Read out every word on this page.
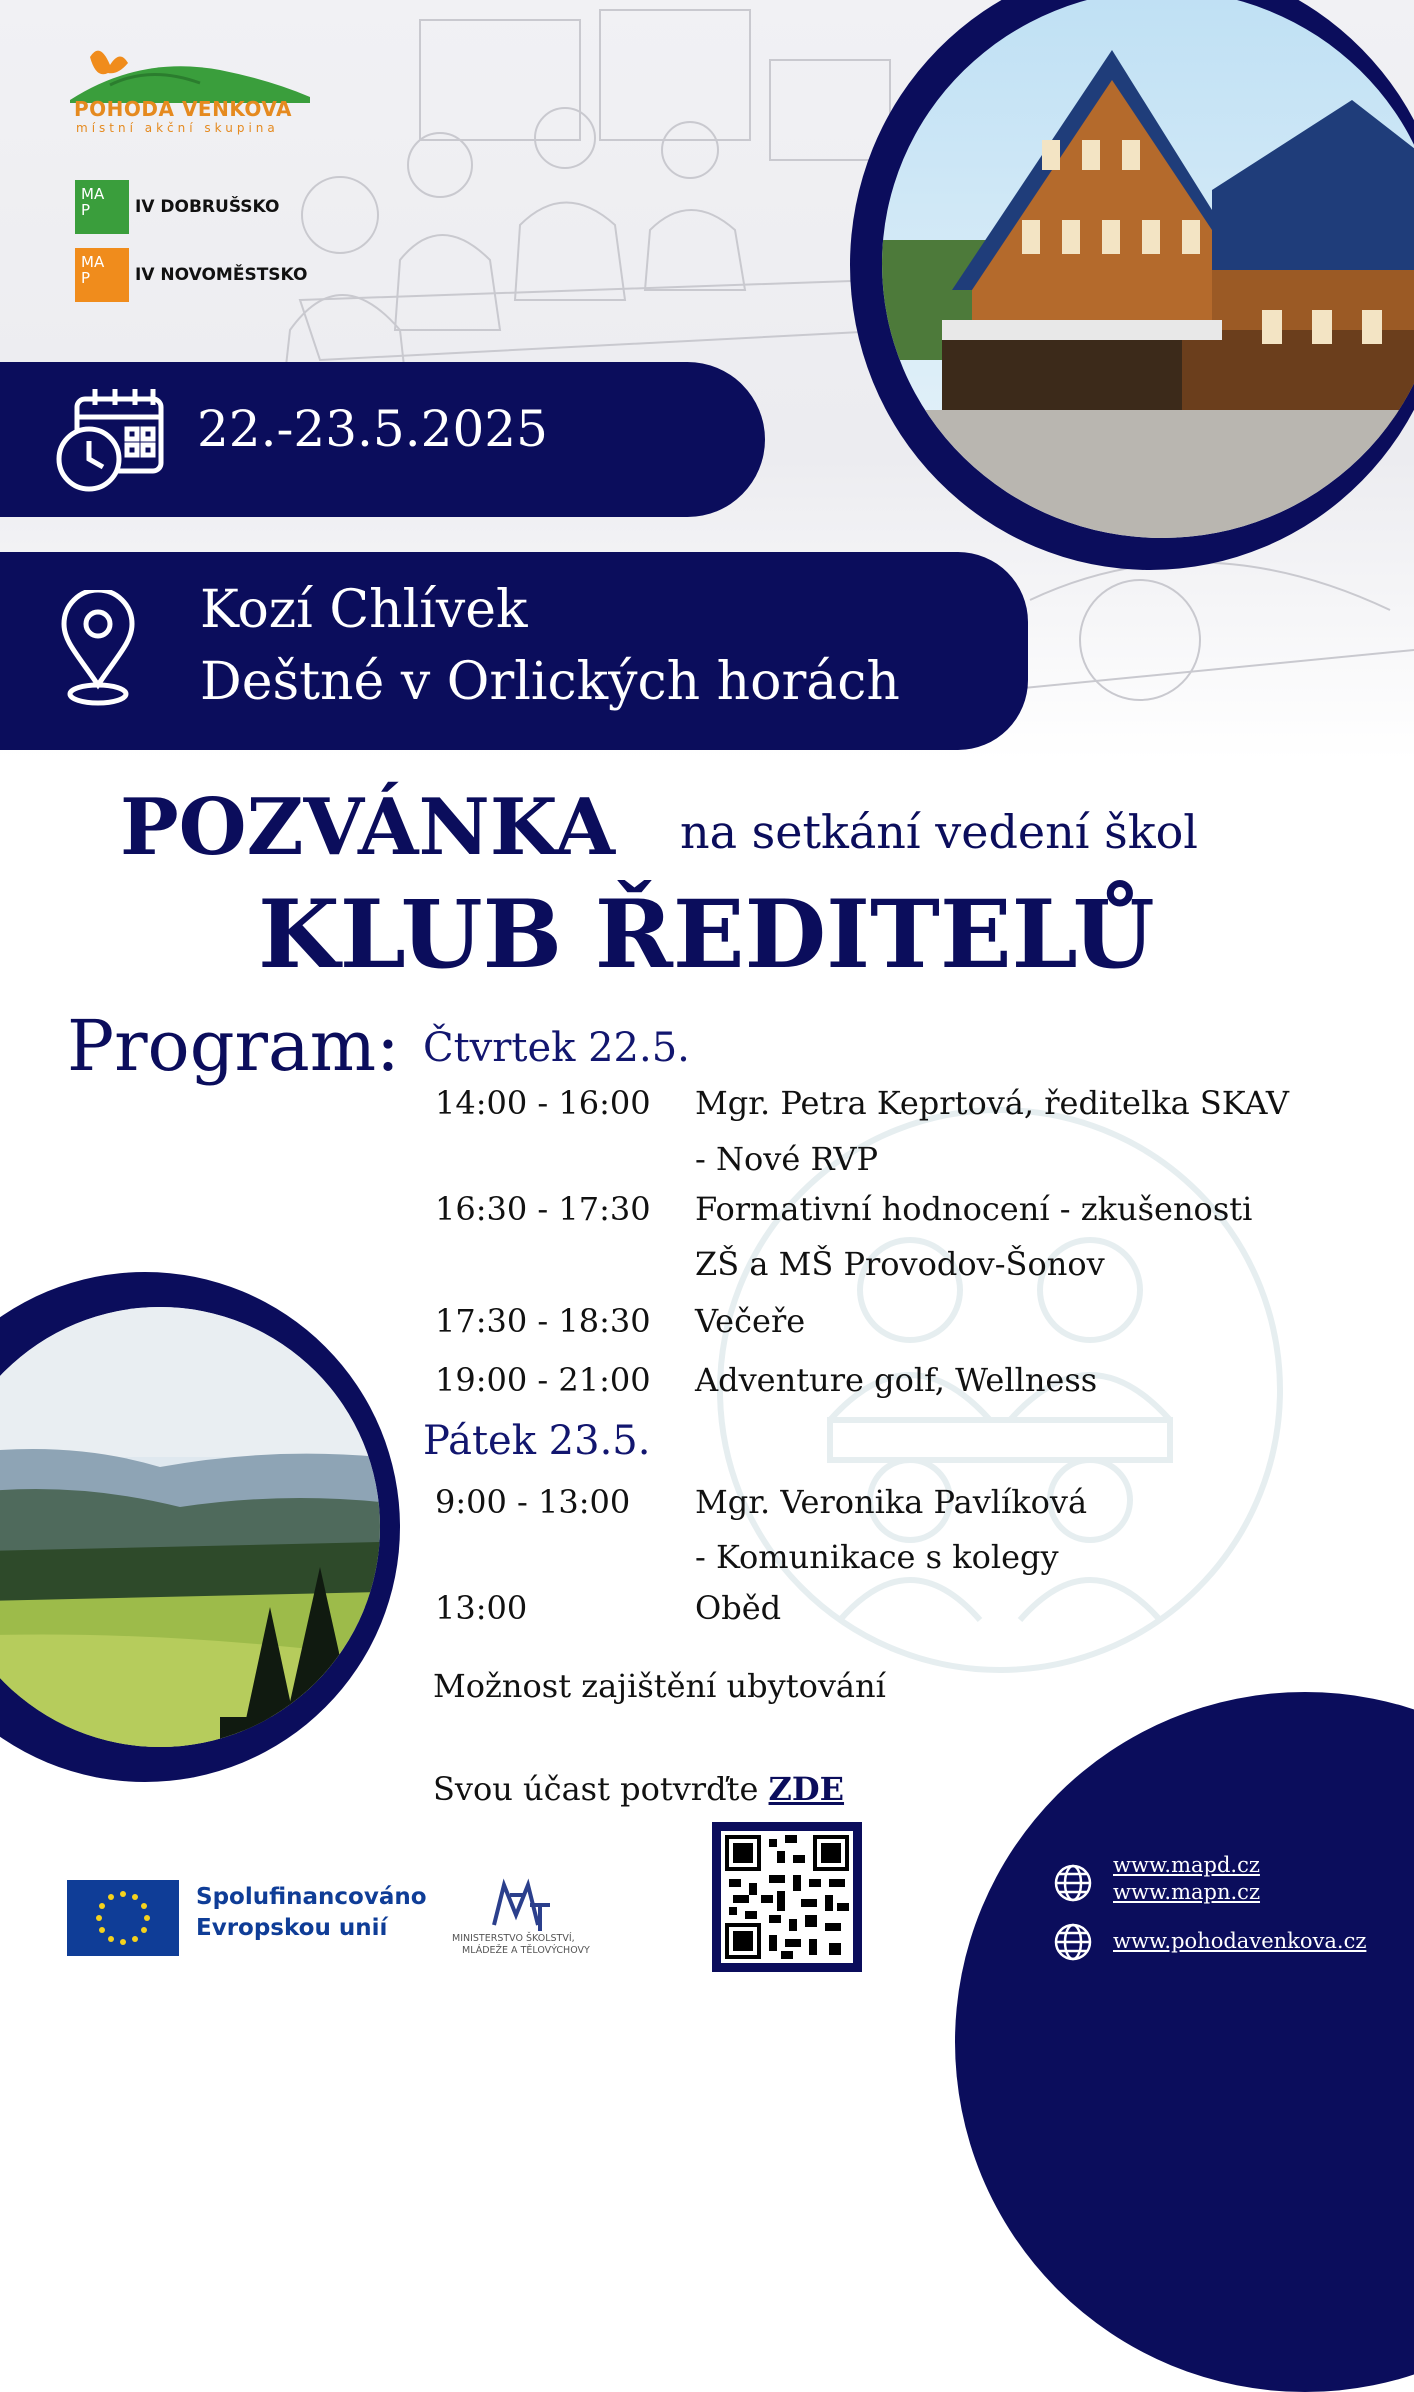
POHODA VENKOVA
místní akční skupina
MA
P	IV DOBRUŠSKO
MA
P	IV NOVOMĚSTSKO
22.-23.5.2025
Kozí Chlívek
Deštné v Orlických horách
POZVÁNKA na setkání vedení škol
KLUB ŘEDITELŮ
Program: Čtvrtek 22.5.
14:00 - 16:00 Mgr. Petra Keprtová, ředitelka SKAV
- Nové RVP
16:30 - 17:30 Formativní hodnocení - zkušenosti
ZŠ a MŠ Provodov-Šonov
17:30 - 18:30 Večeře
19:00 - 21:00 Adventure golf, Wellness
Pátek 23.5.
9:00 - 13:00 Mgr. Veronika Pavlíková
- Komunikace s kolegy
13:00	Oběd
Možnost zajištění ubytování
Svou účast potvrďte ZDE
Spolufinancováno
Evropskou unií	MINISTERSTVO ŠKOLSTVÍ,
MLÁDEŽE A TĚLOVÝCHOVY
www.mapd.cz
www.mapn.cz
www.pohodavenkova.cz
